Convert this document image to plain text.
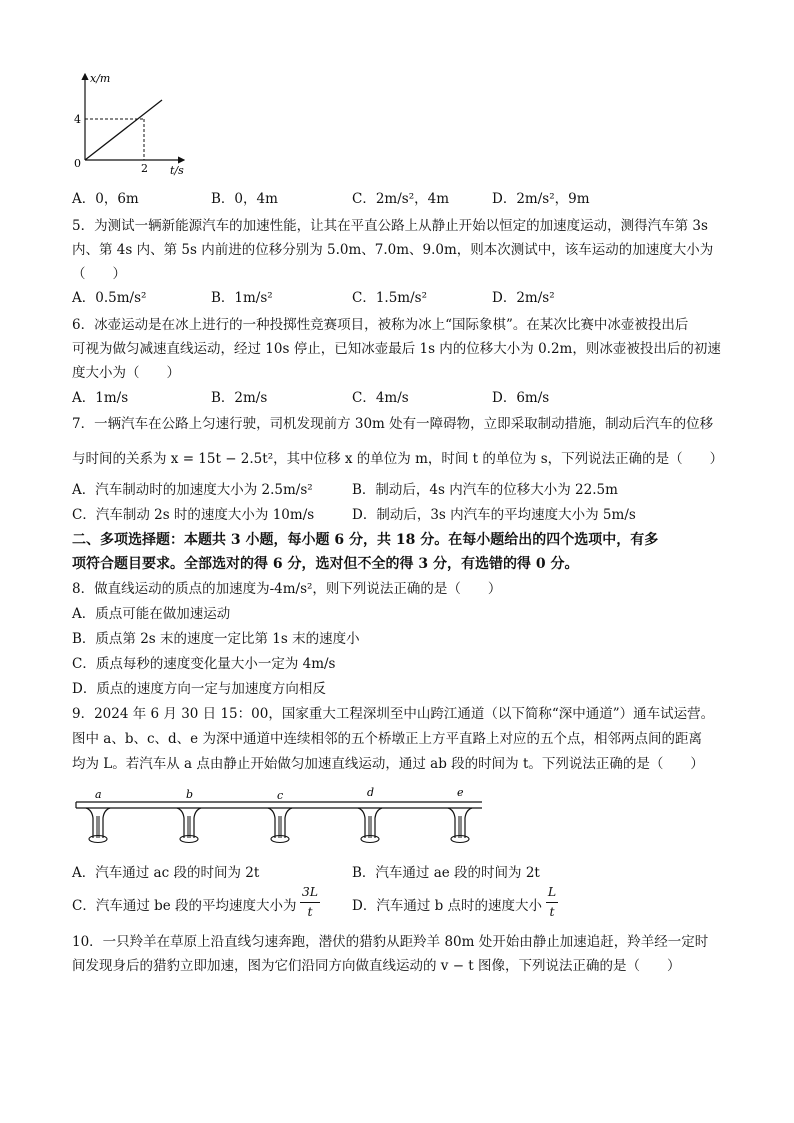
x/m
t/s
4
2
0
A．0，6m	B．0，4m	C．2m/s²，4m	D．2m/s²，9m
5．为测试一辆新能源汽车的加速性能，让其在平直公路上从静止开始以恒定的加速度运动，测得汽车第 3s
内、第 4s 内、第 5s 内前进的位移分别为 5.0m、7.0m、9.0m，则本次测试中，该车运动的加速度大小为
（　　）
A．0.5m/s²	B．1m/s²	C．1.5m/s²	D．2m/s²
6．冰壶运动是在冰上进行的一种投掷性竞赛项目，被称为冰上“国际象棋”。在某次比赛中冰壶被投出后
可视为做匀减速直线运动，经过 10s 停止，已知冰壶最后 1s 内的位移大小为 0.2m，则冰壶被投出后的初速
度大小为（　　）
A．1m/s	B．2m/s	C．4m/s	D．6m/s
7．一辆汽车在公路上匀速行驶，司机发现前方 30m 处有一障碍物，立即采取制动措施，制动后汽车的位移
与时间的关系为 x = 15t − 2.5t²，其中位移 x 的单位为 m，时间 t 的单位为 s，下列说法正确的是（　　）
A．汽车制动时的加速度大小为 2.5m/s²	B．制动后，4s 内汽车的位移大小为 22.5m
C．汽车制动 2s 时的速度大小为 10m/s	D．制动后，3s 内汽车的平均速度大小为 5m/s
二、多项选择题：本题共 3 小题，每小题 6 分，共 18 分。在每小题给出的四个选项中，有多
项符合题目要求。全部选对的得 6 分，选对但不全的得 3 分，有选错的得 0 分。
8．做直线运动的质点的加速度为-4m/s²，则下列说法正确的是（　　）
A．质点可能在做加速运动
B．质点第 2s 末的速度一定比第 1s 末的速度小
C．质点每秒的速度变化量大小一定为 4m/s
D．质点的速度方向一定与加速度方向相反
9．2024 年 6 月 30 日 15：00，国家重大工程深圳至中山跨江通道（以下简称“深中通道”）通车试运营。
图中 a、b、c、d、e 为深中通道中连续相邻的五个桥墩正上方平直路上对应的五个点，相邻两点间的距离
均为 L。若汽车从 a 点由静止开始做匀加速直线运动，通过 ab 段的时间为 t。下列说法正确的是（　　）
a	b	c	d	e
A．汽车通过 ac 段的时间为 2t	B．汽车通过 ae 段的时间为 2t
C．汽车通过 be 段的平均速度大小为
3L
t	D．汽车通过 b 点时的速度大小
L
t
10．一只羚羊在草原上沿直线匀速奔跑，潜伏的猎豹从距羚羊 80m 处开始由静止加速追赶，羚羊经一定时
间发现身后的猎豹立即加速，图为它们沿同方向做直线运动的 v − t 图像，下列说法正确的是（　　）
